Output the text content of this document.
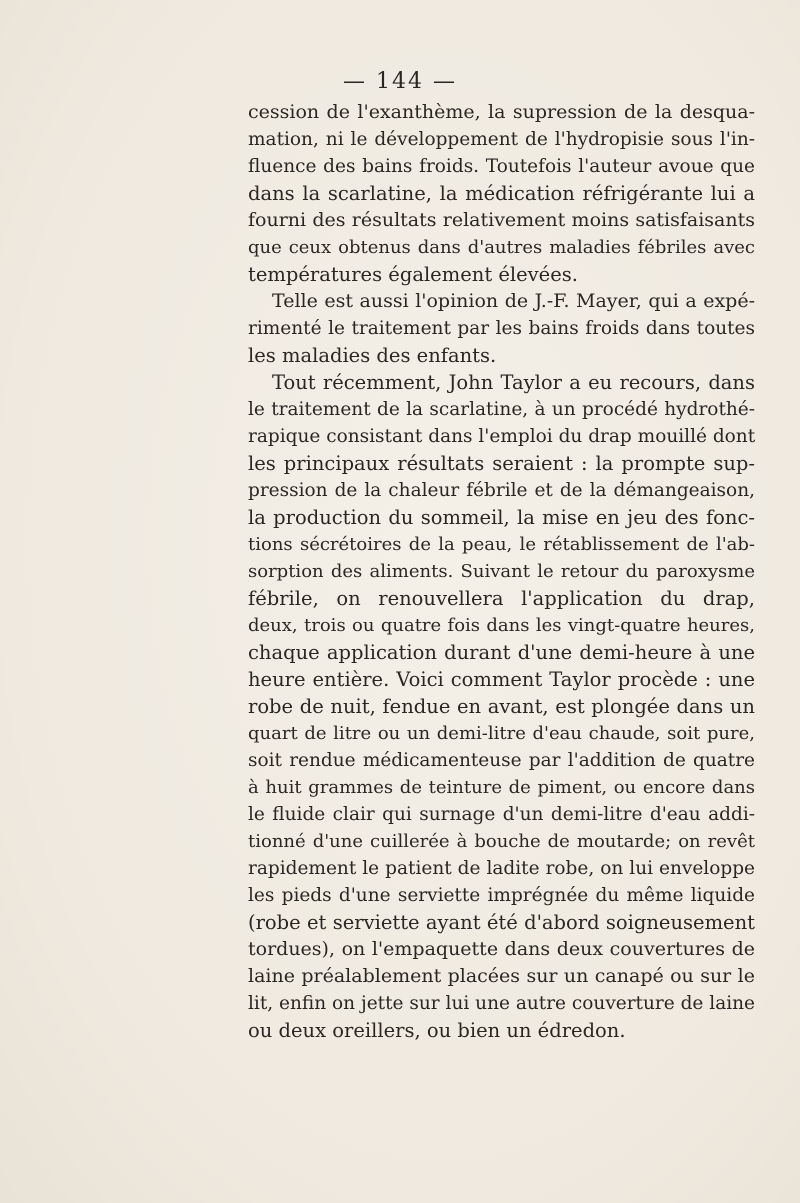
— 144 —
cession de l'exanthème, la supression de la desqua-
mation, ni le développement de l'hydropisie sous l'in-
fluence des bains froids. Toutefois l'auteur avoue que
dans la scarlatine, la médication réfrigérante lui a
fourni des résultats relativement moins satisfaisants
que ceux obtenus dans d'autres maladies fébriles avec
températures également élevées.
Telle est aussi l'opinion de J.-F. Mayer, qui a expé-
rimenté le traitement par les bains froids dans toutes
les maladies des enfants.
Tout récemment, John Taylor a eu recours, dans
le traitement de la scarlatine, à un procédé hydrothé-
rapique consistant dans l'emploi du drap mouillé dont
les principaux résultats seraient : la prompte sup-
pression de la chaleur fébrile et de la démangeaison,
la production du sommeil, la mise en jeu des fonc-
tions sécrétoires de la peau, le rétablissement de l'ab-
sorption des aliments. Suivant le retour du paroxysme
fébrile, on renouvellera l'application du drap,
deux, trois ou quatre fois dans les vingt-quatre heures,
chaque application durant d'une demi-heure à une
heure entière. Voici comment Taylor procède : une
robe de nuit, fendue en avant, est plongée dans un
quart de litre ou un demi-litre d'eau chaude, soit pure,
soit rendue médicamenteuse par l'addition de quatre
à huit grammes de teinture de piment, ou encore dans
le fluide clair qui surnage d'un demi-litre d'eau addi-
tionné d'une cuillerée à bouche de moutarde; on revêt
rapidement le patient de ladite robe, on lui enveloppe
les pieds d'une serviette imprégnée du même liquide
(robe et serviette ayant été d'abord soigneusement
tordues), on l'empaquette dans deux couvertures de
laine préalablement placées sur un canapé ou sur le
lit, enfin on jette sur lui une autre couverture de laine
ou deux oreillers, ou bien un édredon.
